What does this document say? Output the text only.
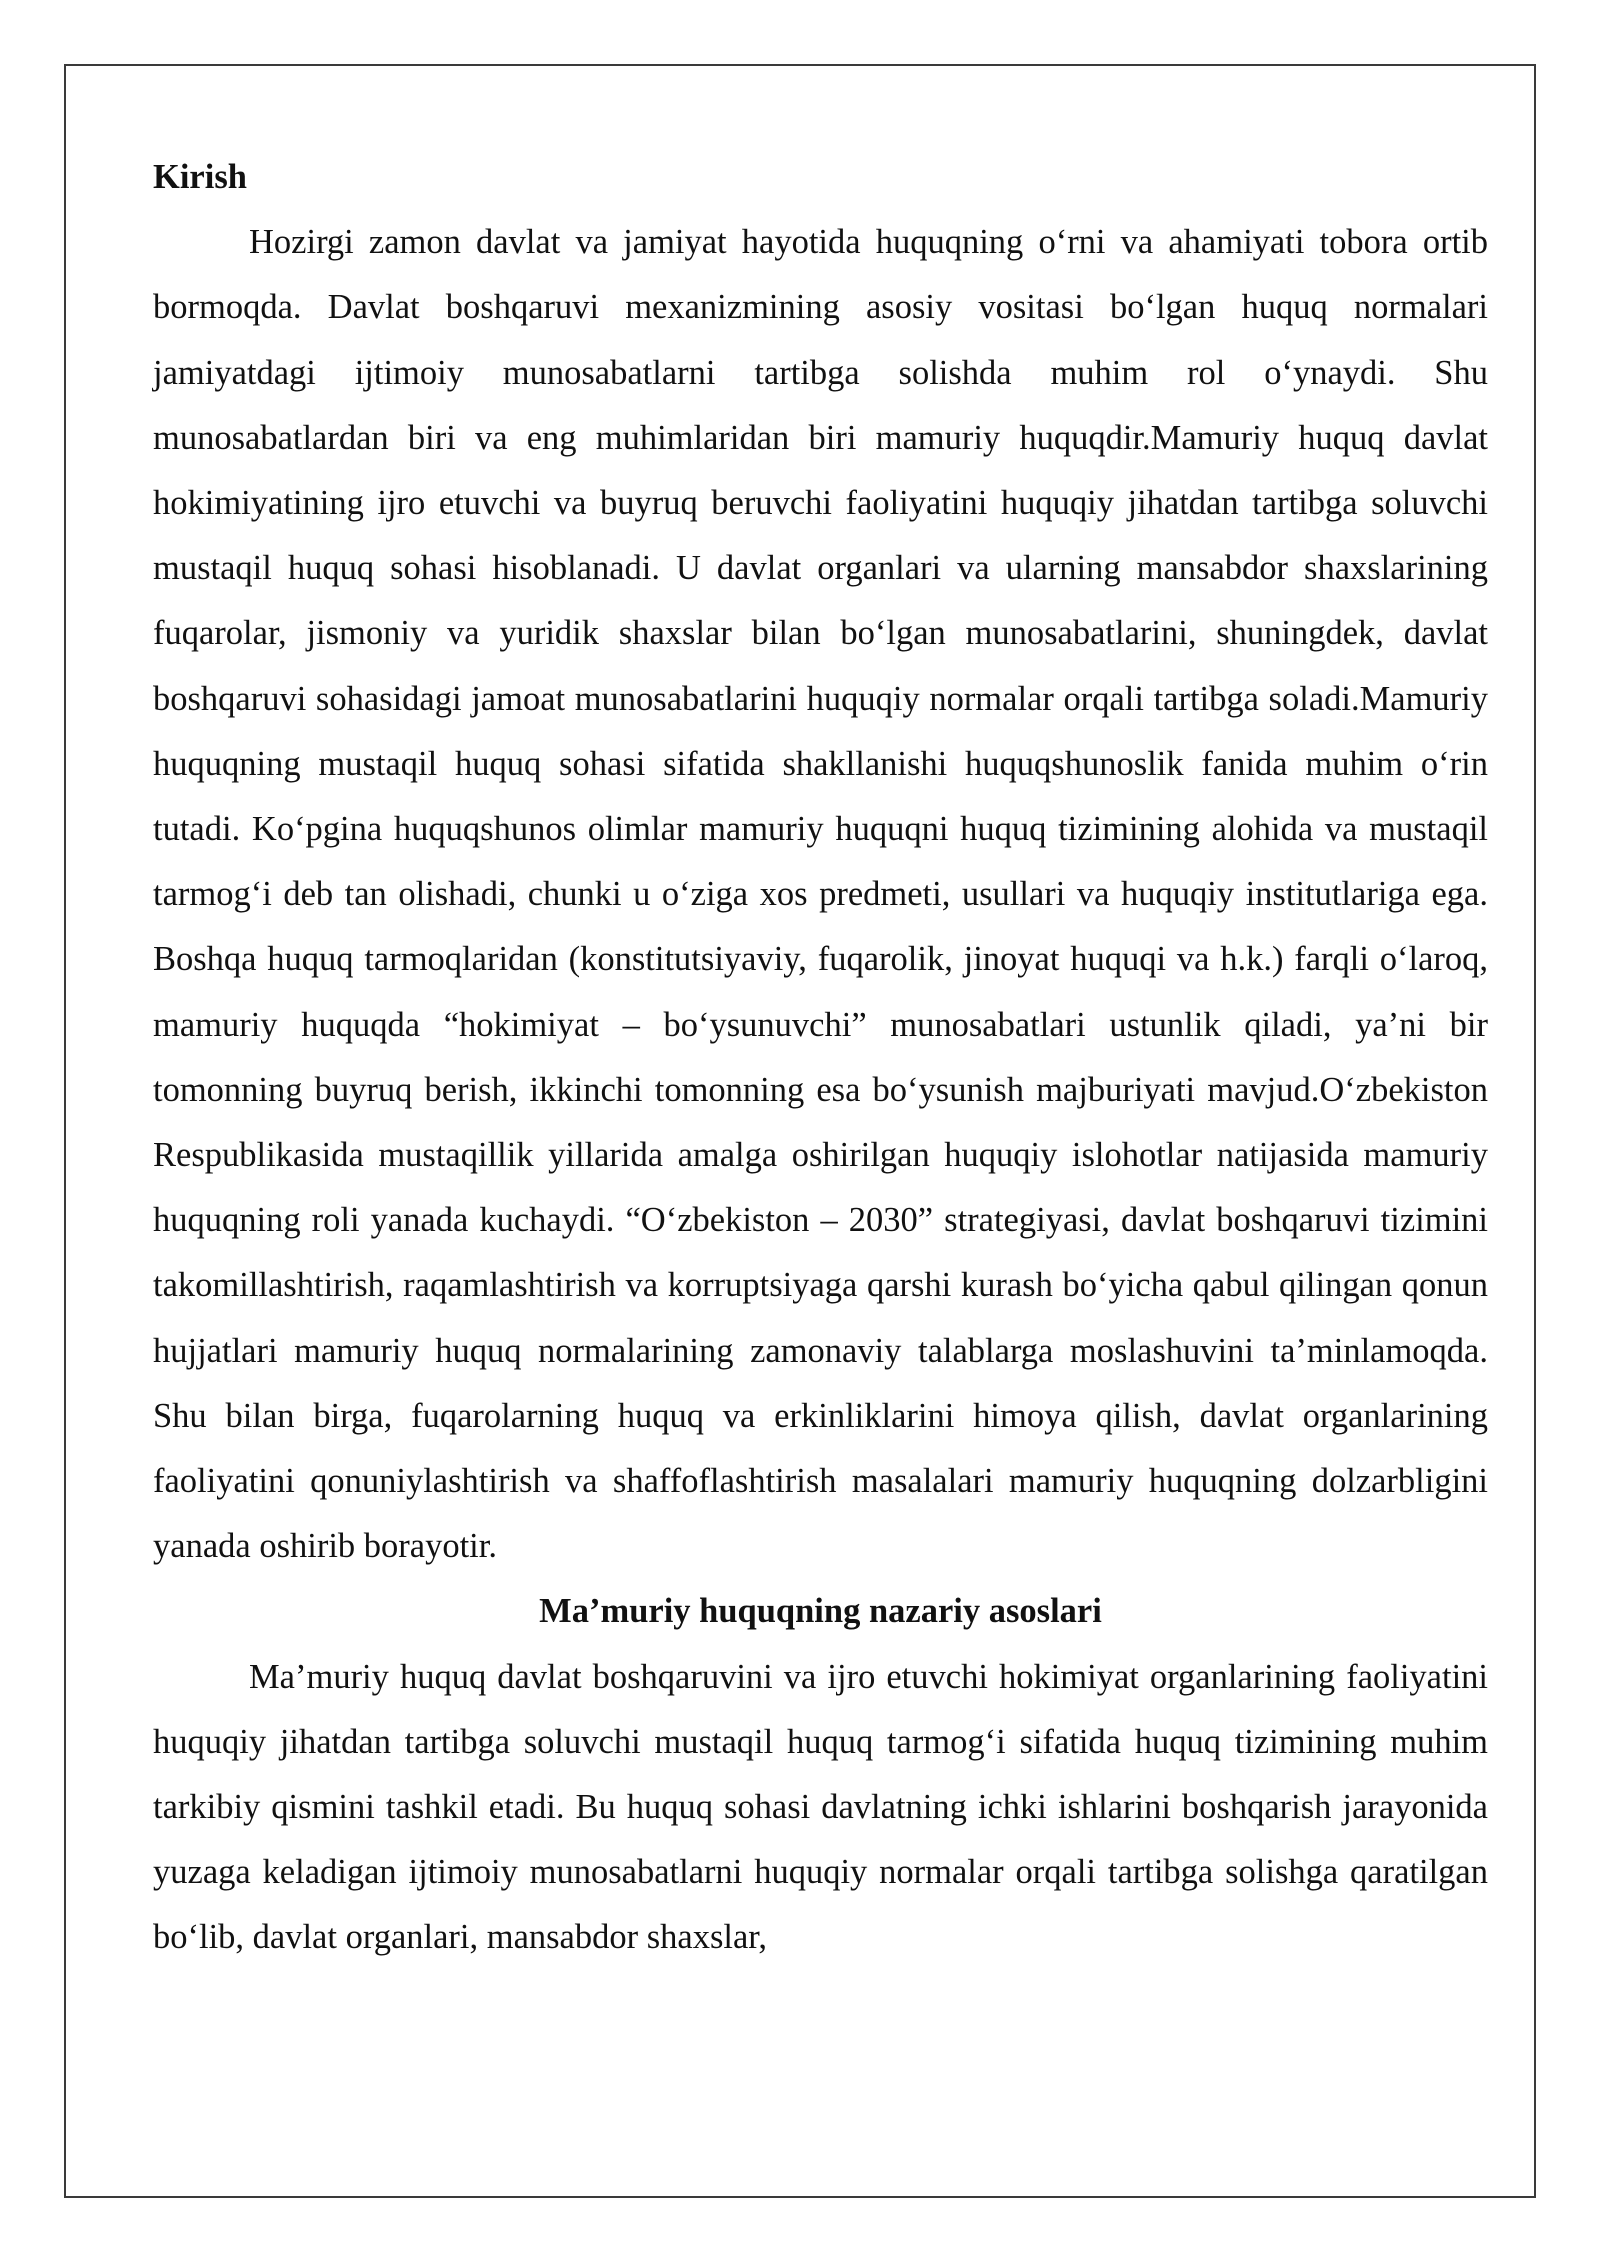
Kirish

Hozirgi zamon davlat va jamiyat hayotida huquqning o‘rni va ahamiyati tobora ortib bormoqda. Davlat boshqaruvi mexanizmining asosiy vositasi bo‘lgan huquq normalari jamiyatdagi ijtimoiy munosabatlarni tartibga solishda muhim rol o‘ynaydi. Shu munosabatlardan biri va eng muhimlaridan biri mamuriy huquqdir.Mamuriy huquq davlat hokimiyatining ijro etuvchi va buyruq beruvchi faoliyatini huquqiy jihatdan tartibga soluvchi mustaqil huquq sohasi hisoblanadi. U davlat organlari va ularning mansabdor shaxslarining fuqarolar, jismoniy va yuridik shaxslar bilan bo‘lgan munosabatlarini, shuningdek, davlat boshqaruvi sohasidagi jamoat munosabatlarini huquqiy normalar orqali tartibga soladi.Mamuriy huquqning mustaqil huquq sohasi sifatida shakllanishi huquqshunoslik fanida muhim o‘rin tutadi. Ko‘pgina huquqshunos olimlar mamuriy huquqni huquq tizimining alohida va mustaqil tarmog‘i deb tan olishadi, chunki u o‘ziga xos predmeti, usullari va huquqiy institutlariga ega. Boshqa huquq tarmoqlaridan (konstitutsiyaviy, fuqarolik, jinoyat huquqi va h.k.) farqli o‘laroq, mamuriy huquqda “hokimiyat – bo‘ysunuvchi” munosabatlari ustunlik qiladi, ya’ni bir tomonning buyruq berish, ikkinchi tomonning esa bo‘ysunish majburiyati mavjud.O‘zbekiston Respublikasida mustaqillik yillarida amalga oshirilgan huquqiy islohotlar natijasida mamuriy huquqning roli yanada kuchaydi. “O‘zbekiston – 2030” strategiyasi, davlat boshqaruvi tizimini takomillashtirish, raqamlashtirish va korruptsiyaga qarshi kurash bo‘yicha qabul qilingan qonun hujjatlari mamuriy huquq normalarining zamonaviy talablarga moslashuvini ta’minlamoqda. Shu bilan birga, fuqarolarning huquq va erkinliklarini himoya qilish, davlat organlarining faoliyatini qonuniylashtirish va shaffoflashtirish masalalari mamuriy huquqning dolzarbligini yanada oshirib borayotir.

Ma’muriy huquqning nazariy asoslari

Ma’muriy huquq davlat boshqaruvini va ijro etuvchi hokimiyat organlarining faoliyatini huquqiy jihatdan tartibga soluvchi mustaqil huquq tarmog‘i sifatida huquq tizimining muhim tarkibiy qismini tashkil etadi. Bu huquq sohasi davlatning ichki ishlarini boshqarish jarayonida yuzaga keladigan ijtimoiy munosabatlarni huquqiy normalar orqali tartibga solishga qaratilgan bo‘lib, davlat organlari, mansabdor shaxslar,
